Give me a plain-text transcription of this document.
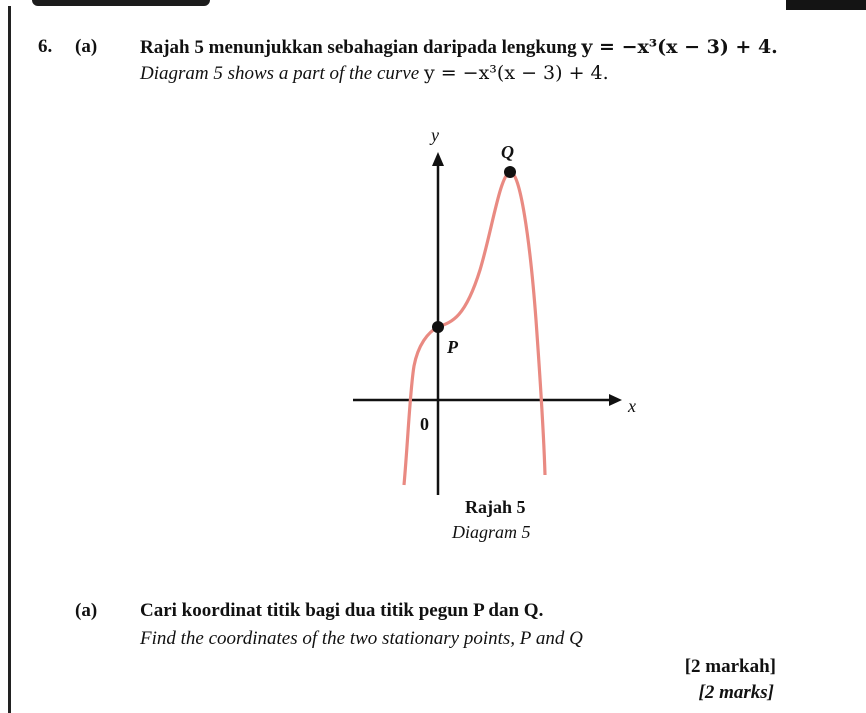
6. (a) Rajah 5 menunjukkan sebahagian daripada lengkung y = −x³(x − 3) + 4.
Diagram 5 shows a part of the curve y = −x³(x − 3) + 4.
y
x
0
P
Q
Rajah 5
Diagram 5
(a) Cari koordinat titik bagi dua titik pegun P dan Q.
Find the coordinates of the two stationary points, P and Q
[2 markah]
[2 marks]
